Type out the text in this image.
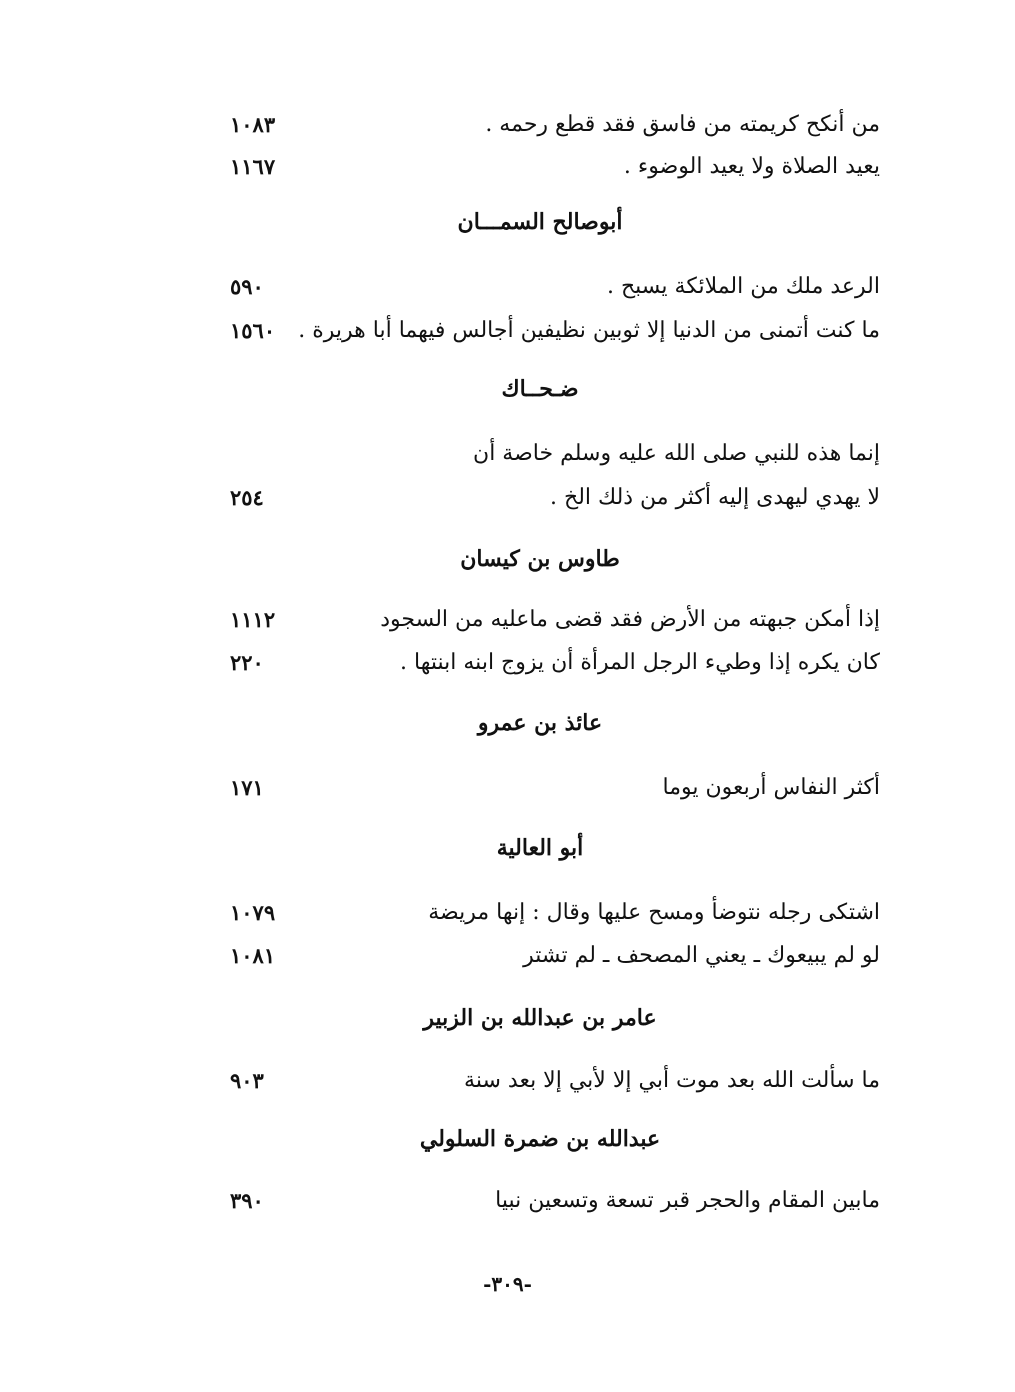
من أنكح كريمته من فاسق فقد قطع رحمه .
١٠٨٣
يعيد الصلاة ولا يعيد الوضوء .
١١٦٧
أبوصالح السمـــان
الرعد ملك من الملائكة يسبح .
٥٩٠
ما كنت أتمنى من الدنيا إلا ثوبين نظيفين أجالس فيهما أبا هريرة .
١٥٦٠
ضـحــاك
إنما هذه للنبي صلى الله عليه وسلم خاصة أن
لا يهدي ليهدى إليه أكثر من ذلك الخ .
٢٥٤
طاوس بن كيسان
إذا أمكن جبهته من الأرض فقد قضى ماعليه من السجود
١١١٢
كان يكره إذا وطيء الرجل المرأة أن يزوج ابنه ابنتها .
٢٢٠
عائذ بن عمرو
أكثر النفاس أربعون يوما
١٧١
أبو العالية
اشتكى رجله نتوضأ ومسح عليها وقال : إنها مريضة
١٠٧٩
لو لم يبيعوك ـ يعني المصحف ـ لم تشتر
١٠٨١
عامر بن عبدالله بن الزبير
ما سألت الله بعد موت أبي إلا لأبي إلا بعد سنة
٩٠٣
عبدالله بن ضمرة السلولي
مابين المقام والحجر قبر تسعة وتسعين نبيا
٣٩٠
-٣٠٩-
